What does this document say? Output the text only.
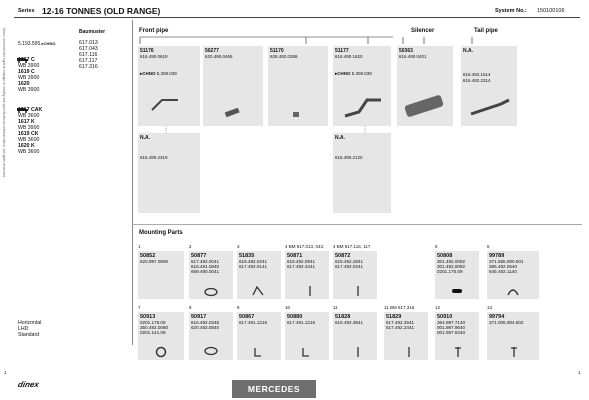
Series 12-16 TONNES (OLD RANGE)	System No.: 150100106
Dinex reserves the right to change or modify the specifications without notice. All rights reserved.	Baumuster
5.193.595 ▸CHNO	617.013
617.043
617.116
617.117
617.316
1617 C
WB 3900
1619 C
WB 3900
1620
WB 3900
1617 CAK
WB 3600
1617 K
WB 3900
1619 CK
WB 3600
1620 K
WB 3600
Horizontal
LHD
Standard
Front pipe	Silencer	Tail pipe
Mounting Parts
51176
616.490.0619
▸CHNO 5.308.039
50277
620.490.0465
51170
628.492.0268
51177
616.490.1620
▸CHNO 5.308.039
50363
616.490.0401
N.A.
616.492.1514
616.492.2314
N.A.
616.490.2319
N.A.
616.490.2120
1
50852
620.997.0590
2
50877
617.492.0041
616.491.0840
669.490.0041
3
51835
616.492.0241
617.492.0141
4 BM 617.013, 043,
50871
616.492.0941
617.492.3441
4 BM 617.116, 117
50872
615.492.2841
617.492.0241
5
50808
301.492.0082
301.492.0082
0201.175.09
6
99789
371.555.090.501
395.492.0640
645.492.1140
7
50913
0201.178.09
350.492.0080
0201.141.09
8
50917
616.492.0345
620.492.0840
9
50867
617.491.1216
10
50880
617.491.1216
11
51828
616.492.3841
11 BM 617.316
51829
617.492.2541
617.492.2441
12
50910
364.997.7140
001.987.9640
001.987.5340
13
99794
371.005.084.502
1	1
dinex	MERCEDES
